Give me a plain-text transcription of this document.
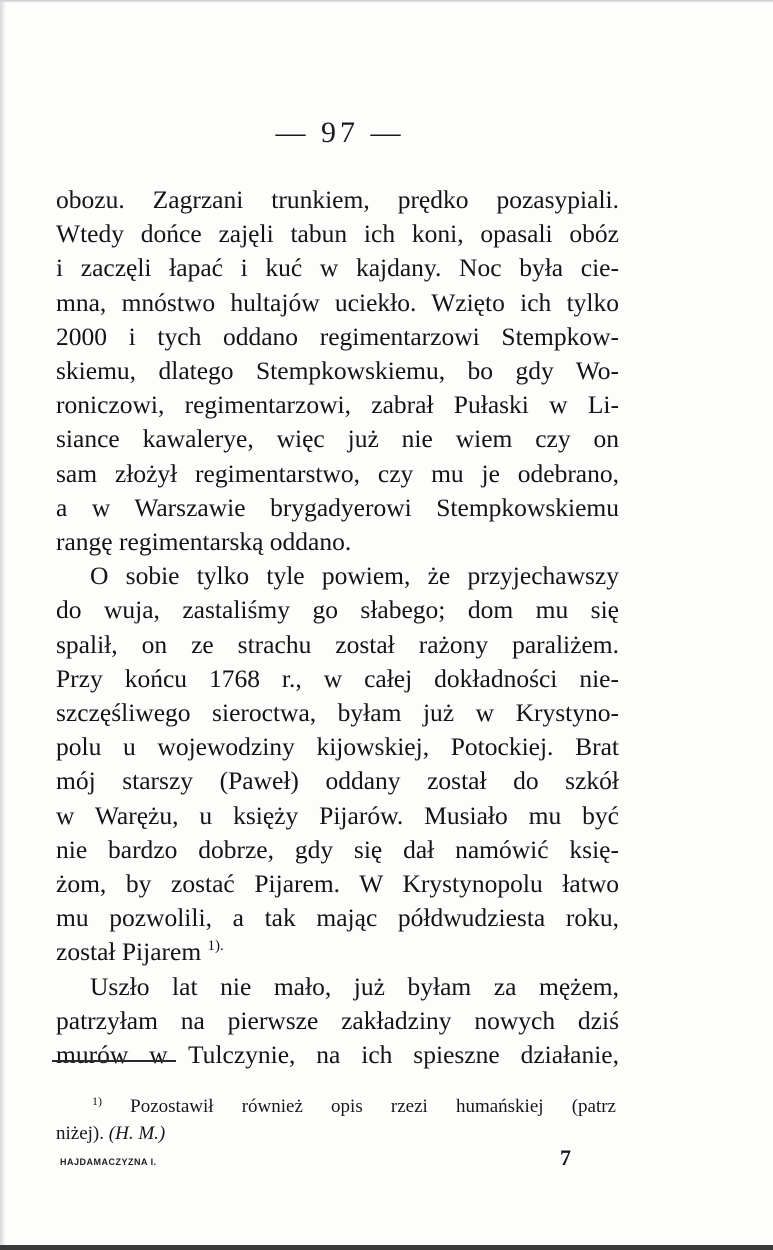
— 97 —
obozu. Zagrzani trunkiem, prędko pozasypiali.
Wtedy dońce zajęli tabun ich koni, opasali obóz
i zaczęli łapać i kuć w kajdany. Noc była cie-
mna, mnóstwo hultajów uciekło. Wzięto ich tylko
2000 i tych oddano regimentarzowi Stempkow-
skiemu, dlatego Stempkowskiemu, bo gdy Wo-
roniczowi, regimentarzowi, zabrał Pułaski w Li-
siance kawalerye, więc już nie wiem czy on
sam złożył regimentarstwo, czy mu je odebrano,
a w Warszawie brygadyerowi Stempkowskiemu
rangę regimentarską oddano.
O sobie tylko tyle powiem, że przyjechawszy
do wuja, zastaliśmy go słabego; dom mu się
spalił, on ze strachu został rażony paraliżem.
Przy końcu 1768 r., w całej dokładności nie-
szczęśliwego sieroctwa, byłam już w Krystyno-
polu u wojewodziny kijowskiej, Potockiej. Brat
mój starszy (Paweł) oddany został do szkół
w Warężu, u księży Pijarów. Musiało mu być
nie bardzo dobrze, gdy się dał namówić księ-
żom, by zostać Pijarem. W Krystynopolu łatwo
mu pozwolili, a tak mając półdwudziesta roku,
został Pijarem $^{1).}$
Uszło lat nie mało, już byłam za mężem,
patrzyłam na pierwsze zakładziny nowych dziś
murów w Tulczynie, na ich spieszne działanie,
$^{1)}$ Pozostawił również opis rzezi humańskiej (patrz
niżej). (H. M.)
HAJDAMACZYZNA I.	7
